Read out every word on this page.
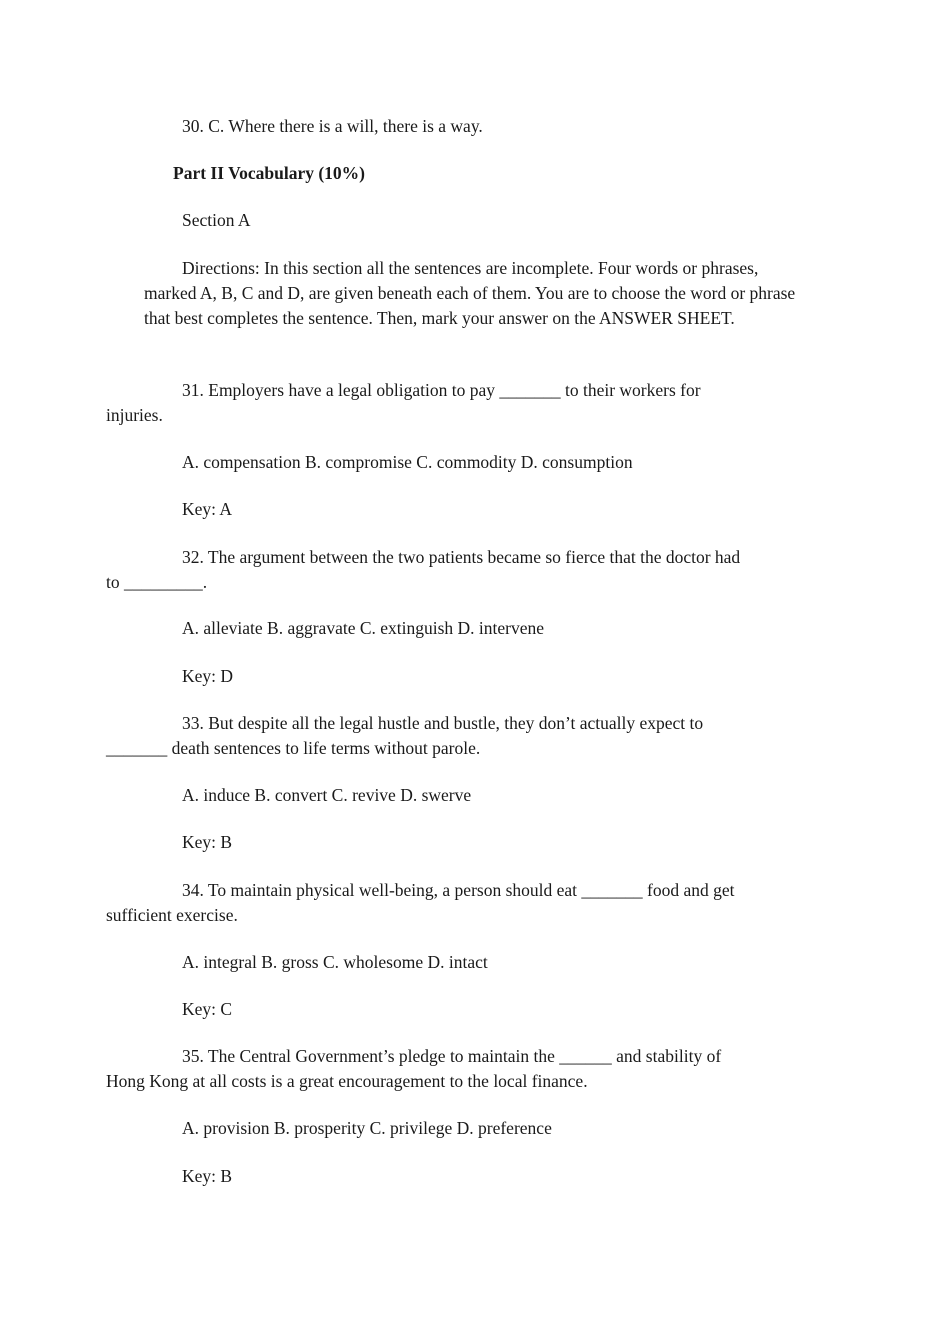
30. C. Where there is a will, there is a way.

Part II Vocabulary (10%)

Section A

Directions: In this section all the sentences are incomplete. Four words or phrases, marked A, B, C and D, are given beneath each of them. You are to choose the word or phrase that best completes the sentence. Then, mark your answer on the ANSWER SHEET.

31. Employers have a legal obligation to pay _______ to their workers for
injuries.

A. compensation B. compromise C. commodity D. consumption

Key: A

32. The argument between the two patients became so fierce that the doctor had
to _________.

A. alleviate B. aggravate C. extinguish D. intervene

Key: D

33. But despite all the legal hustle and bustle, they don’t actually expect to
_______ death sentences to life terms without parole.

A. induce B. convert C. revive D. swerve

Key: B

34. To maintain physical well-being, a person should eat _______ food and get
sufficient exercise.

A. integral B. gross C. wholesome D. intact

Key: C

35. The Central Government’s pledge to maintain the ______ and stability of
Hong Kong at all costs is a great encouragement to the local finance.

A. provision B. prosperity C. privilege D. preference

Key: B
